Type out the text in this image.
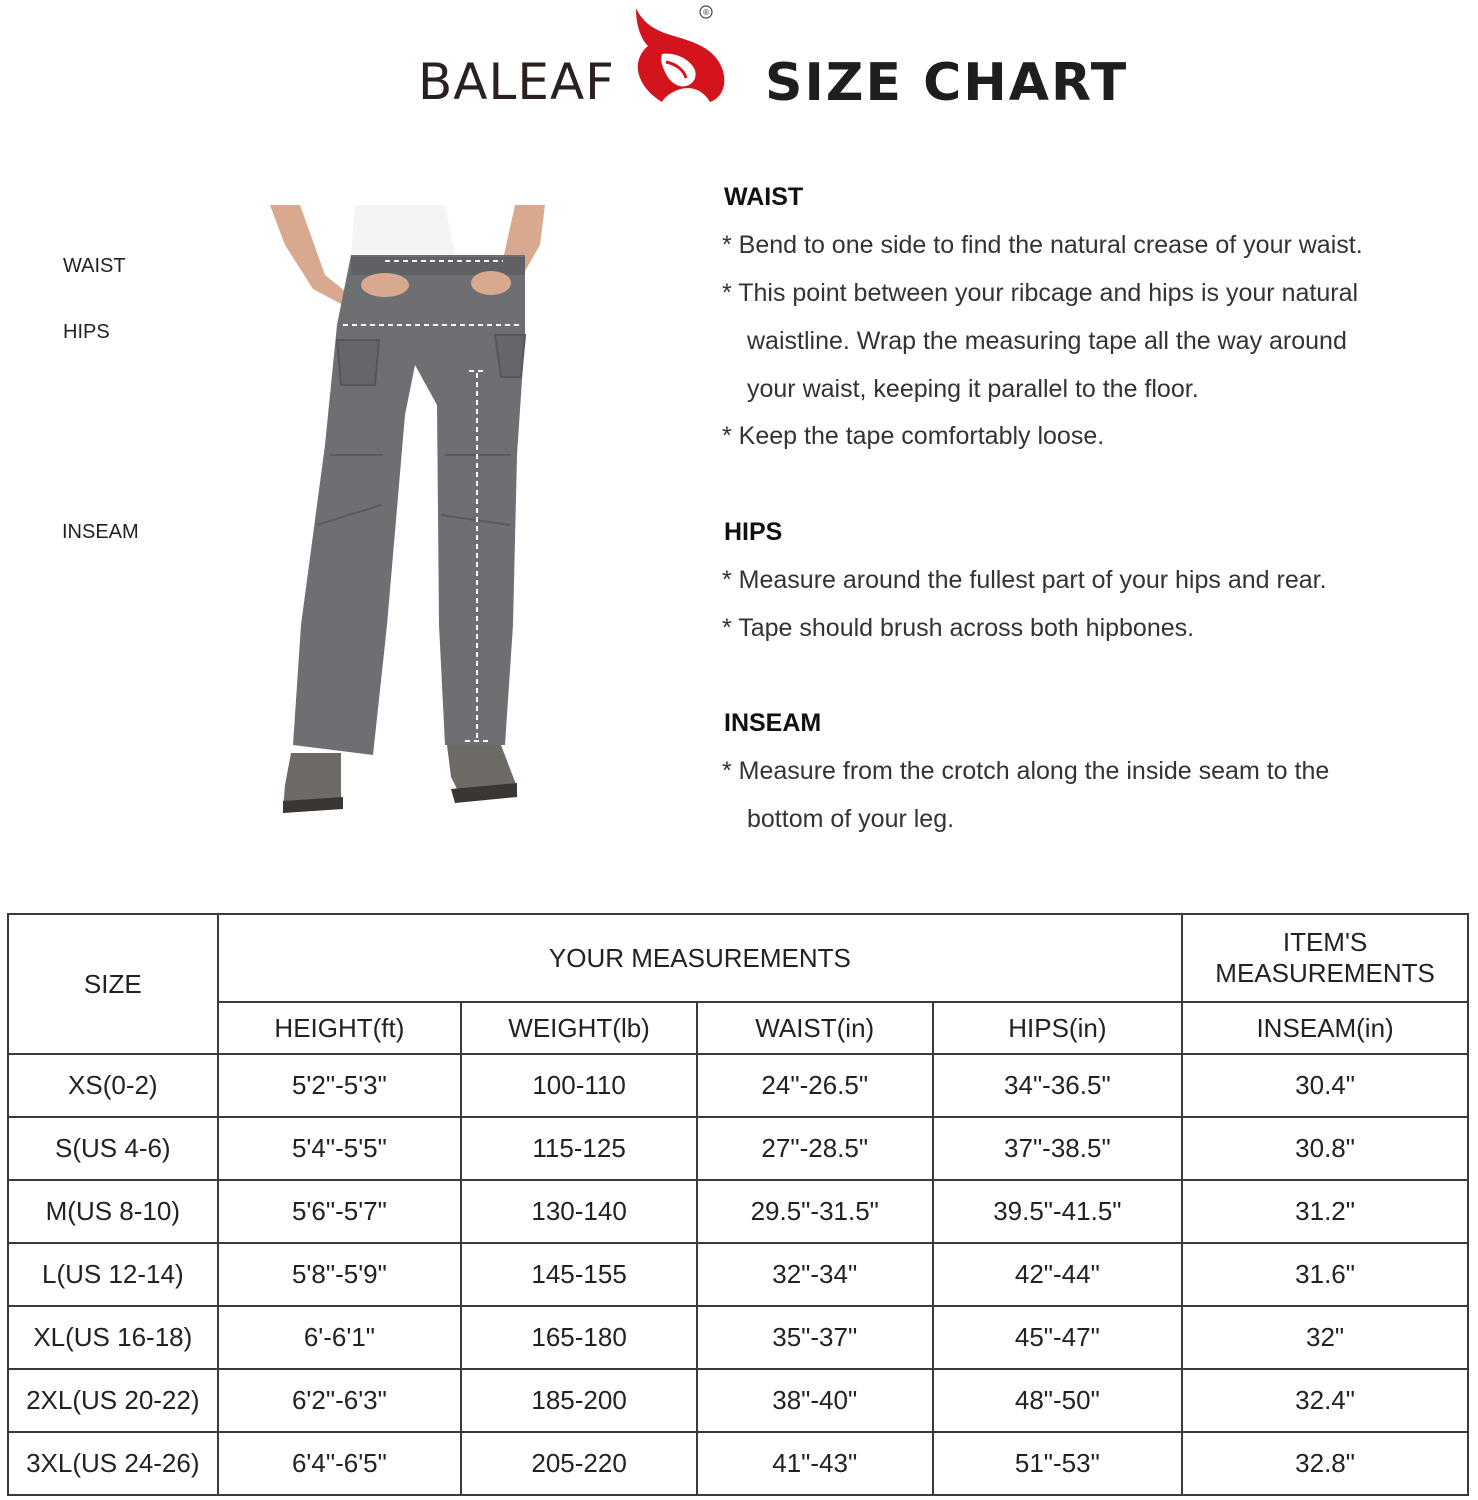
BALEAF
®
SIZE CHART
WAIST
HIPS
INSEAM
WAIST
* Bend to one side to find the natural crease of your waist.
* This point between your ribcage and hips is your natural
waistline. Wrap the measuring tape all the way around
your waist, keeping it parallel to the floor.
* Keep the tape comfortably loose.
HIPS
* Measure around the fullest part of your hips and rear.
* Tape should brush across both hipbones.
INSEAM
* Measure from the crotch along the inside seam to the
bottom of your leg.
SIZE	YOUR MEASUREMENTS				ITEM'S
MEASUREMENTS
	HEIGHT(ft)	WEIGHT(lb)	WAIST(in)	HIPS(in)	INSEAM(in)
XS(0-2)	5'2"-5'3"	100-110	24"-26.5"	34"-36.5"	30.4"
S(US 4-6)	5'4"-5'5"	115-125	27"-28.5"	37"-38.5"	30.8"
M(US 8-10)	5'6"-5'7"	130-140	29.5"-31.5"	39.5"-41.5"	31.2"
L(US 12-14)	5'8"-5'9"	145-155	32"-34"	42"-44"	31.6"
XL(US 16-18)	6'-6'1"	165-180	35"-37"	45"-47"	32"
2XL(US 20-22)	6'2"-6'3"	185-200	38"-40"	48"-50"	32.4"
3XL(US 24-26)	6'4"-6'5"	205-220	41"-43"	51"-53"	32.8"
